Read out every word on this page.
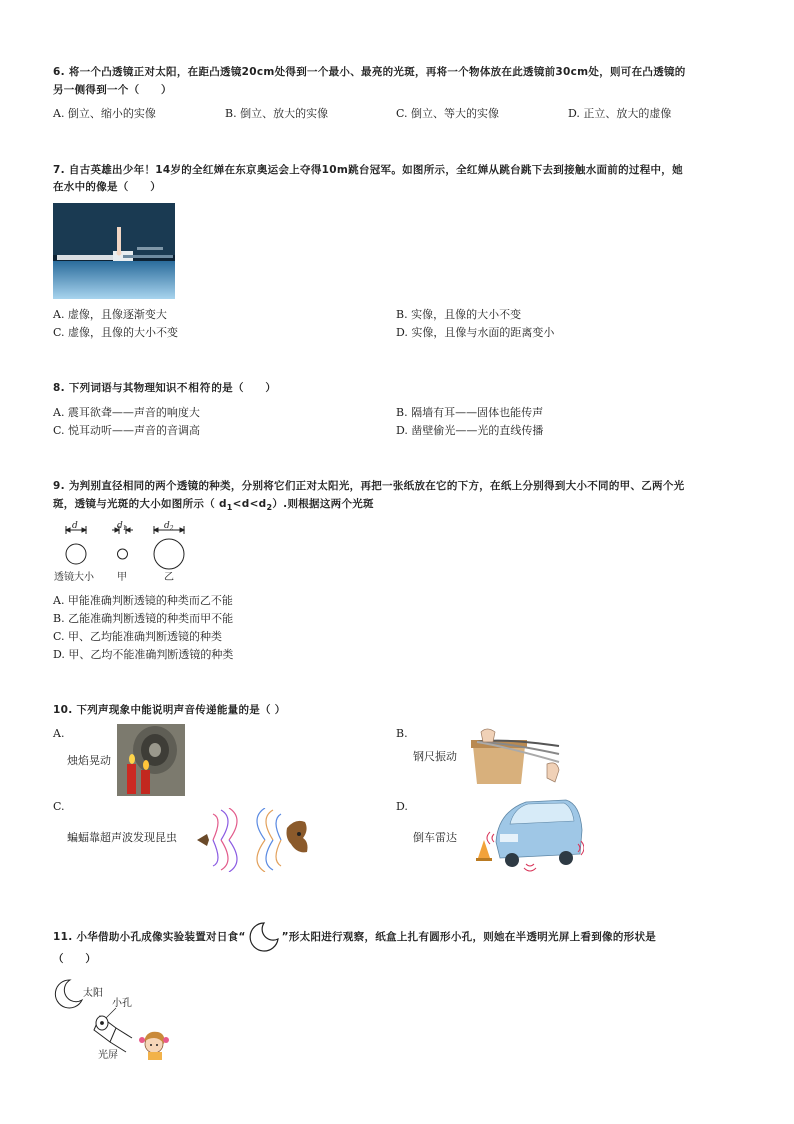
6. 将一个凸透镜正对太阳，在距凸透镜20cm处得到一个最小、最亮的光斑，再将一个物体放在此透镜前30cm处，则可在凸透镜的
另一侧得到一个（　　）
A. 倒立、缩小的实像	B. 倒立、放大的实像	C. 倒立、等大的实像	D. 正立、放大的虚像
7. 自古英雄出少年！14岁的全红婵在东京奥运会上夺得10m跳台冠军。如图所示，全红婵从跳台跳下去到接触水面前的过程中，她
在水中的像是（　　）
A. 虚像，且像逐渐变大	B. 实像，且像的大小不变
C. 虚像，且像的大小不变	D. 实像，且像与水面的距离变小
8. 下列词语与其物理知识不相符的是（　　）
A. 震耳欲聋——声音的响度大	B. 隔墙有耳——固体也能传声
C. 悦耳动听——声音的音调高	D. 凿壁偷光——光的直线传播
9. 为判别直径相同的两个透镜的种类，分别将它们正对太阳光，再把一张纸放在它的下方，在纸上分别得到大小不同的甲、乙两个光
斑，透镜与光斑的大小如图所示（ $d_1<d<d_2$）.则根据这两个光斑
d	$d_1$	$d_2$
透镜大小 甲	乙
A. 甲能准确判断透镜的种类而乙不能
B. 乙能准确判断透镜的种类而甲不能
C. 甲、乙均能准确判断透镜的种类
D. 甲、乙均不能准确判断透镜的种类
10. 下列声现象中能说明声音传递能量的是（ ）
A.
烛焰晃动
B.
钢尺振动
C.
蝙蝠靠超声波发现昆虫
D.
倒车雷达
11. 小华借助小孔成像实验装置对日食“	”形太阳进行观察，纸盒上扎有圆形小孔，则她在半透明光屏上看到像的形状是
（　　）
太阳
小孔
光屏
